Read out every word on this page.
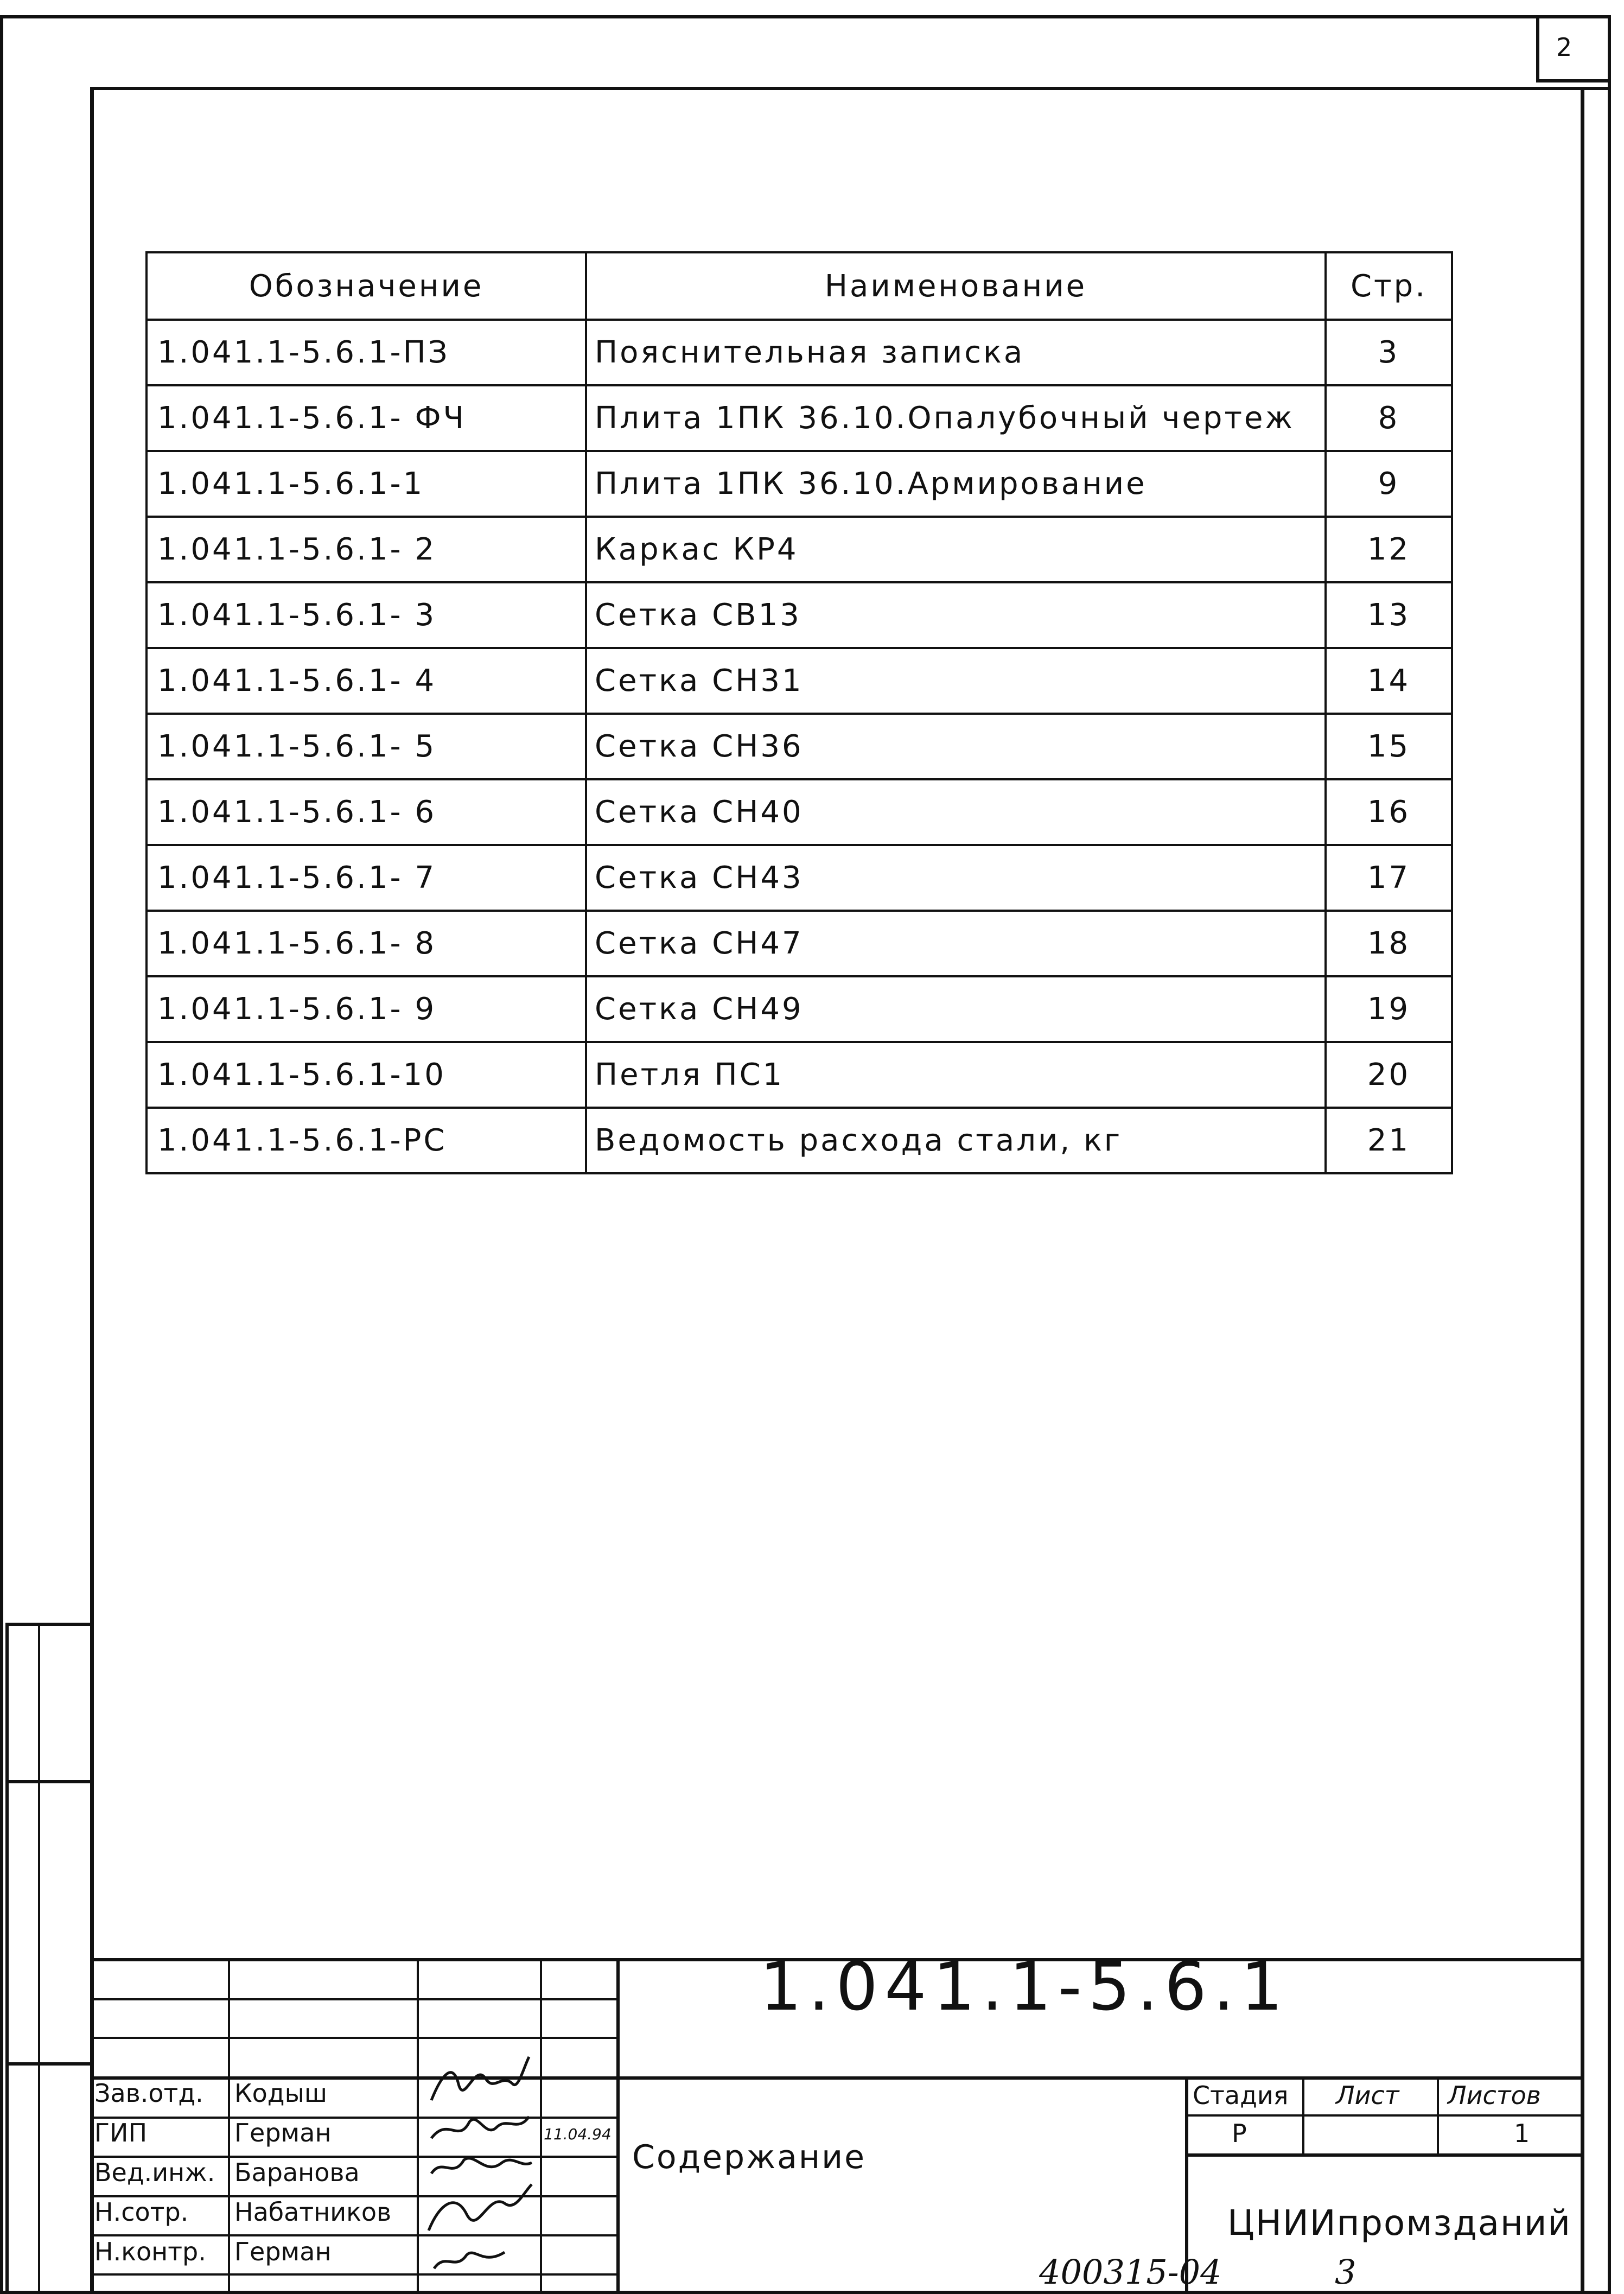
2
Обозначение	Наименование	Стр.
1.041.1-5.6.1-ПЗ	Пояснительная записка	3
1.041.1-5.6.1- ФЧ	Плита 1ПК 36.10.Опалубочный чертеж	8
1.041.1-5.6.1-1	Плита 1ПК 36.10.Армирование	9
1.041.1-5.6.1- 2	Каркас КР4	12
1.041.1-5.6.1- 3	Сетка СВ13	13
1.041.1-5.6.1- 4	Сетка СН31	14
1.041.1-5.6.1- 5	Сетка СН36	15
1.041.1-5.6.1- 6	Сетка СН40	16
1.041.1-5.6.1- 7	Сетка СН43	17
1.041.1-5.6.1- 8	Сетка СН47	18
1.041.1-5.6.1- 9	Сетка СН49	19
1.041.1-5.6.1-10	Петля ПС1	20
1.041.1-5.6.1-РС	Ведомость расхода стали, кг	21
1.041.1-5.6.1
Зав.отд. Кодыш
ГИП	Герман
Вед.инж. Баранова
Н.сотр. Набатников
Н.контр. Герман
11.04.94
Содержание
Стадия Лист Листов
Р	1
ЦНИИпромзданий
400315-04	3
